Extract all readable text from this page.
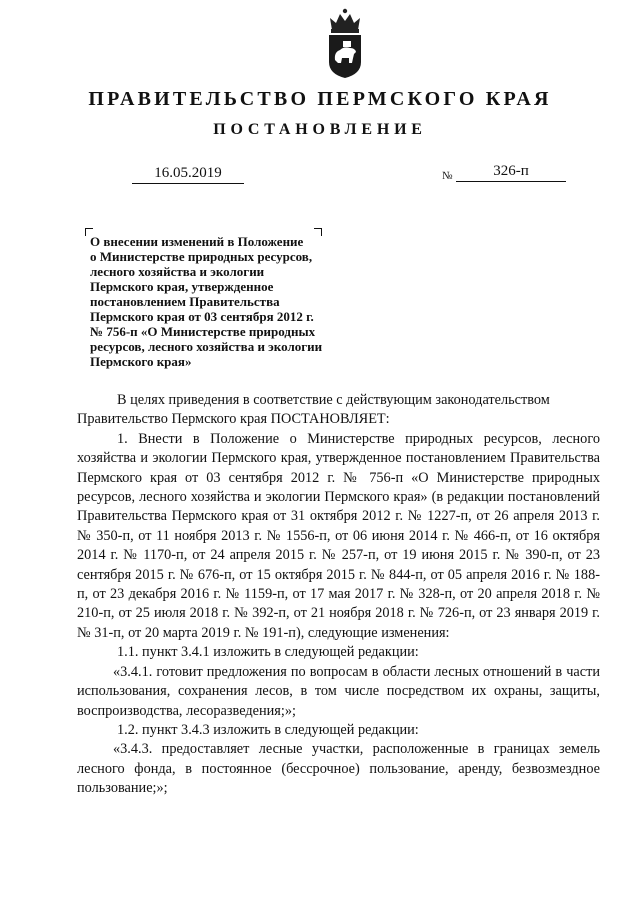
ПРАВИТЕЛЬСТВО ПЕРМСКОГО КРАЯ
ПОСТАНОВЛЕНИЕ
16.05.2019	№	326-п
О внесении изменений в Положение
о Министерстве природных ресурсов,
лесного хозяйства и экологии
Пермского края, утвержденное
постановлением Правительства
Пермского края от 03 сентября 2012 г.
№ 756-п «О Министерстве природных
ресурсов, лесного хозяйства и экологии
Пермского края»

В целях приведения в соответствие с действующим законодательством

Правительство Пермского края ПОСТАНОВЛЯЕТ:

1. Внести в Положение о Министерстве природных ресурсов, лесного хозяйства и экологии Пермского края, утвержденное постановлением Правительства Пермского края от 03 сентября 2012 г. № 756-п «О Министерстве природных ресурсов, лесного хозяйства и экологии Пермского края» (в редакции постановлений Правительства Пермского края от 31 октября 2012 г. № 1227-п, от 26 апреля 2013 г. № 350-п, от 11 ноября 2013 г. № 1556-п, от 06 июня 2014 г. № 466-п, от 16 октября 2014 г. № 1170-п, от 24 апреля 2015 г. № 257-п, от 19 июня 2015 г. № 390-п, от 23 сентября 2015 г. № 676-п, от 15 октября 2015 г. № 844-п, от 05 апреля 2016 г. № 188-п, от 23 декабря 2016 г. № 1159-п, от 17 мая 2017 г. № 328-п, от 20 апреля 2018 г. № 210-п, от 25 июля 2018 г. № 392-п, от 21 ноября 2018 г. № 726-п, от 23 января 2019 г. № 31-п, от 20 марта 2019 г. № 191-п), следующие изменения:

1.1. пункт 3.4.1 изложить в следующей редакции:

«3.4.1. готовит предложения по вопросам в области лесных отношений в части использования, сохранения лесов, в том числе посредством их охраны, защиты, воспроизводства, лесоразведения;»;

1.2. пункт 3.4.3 изложить в следующей редакции:

«3.4.3. предоставляет лесные участки, расположенные в границах земель лесного фонда, в постоянное (бессрочное) пользование, аренду, безвозмездное пользование;»;
